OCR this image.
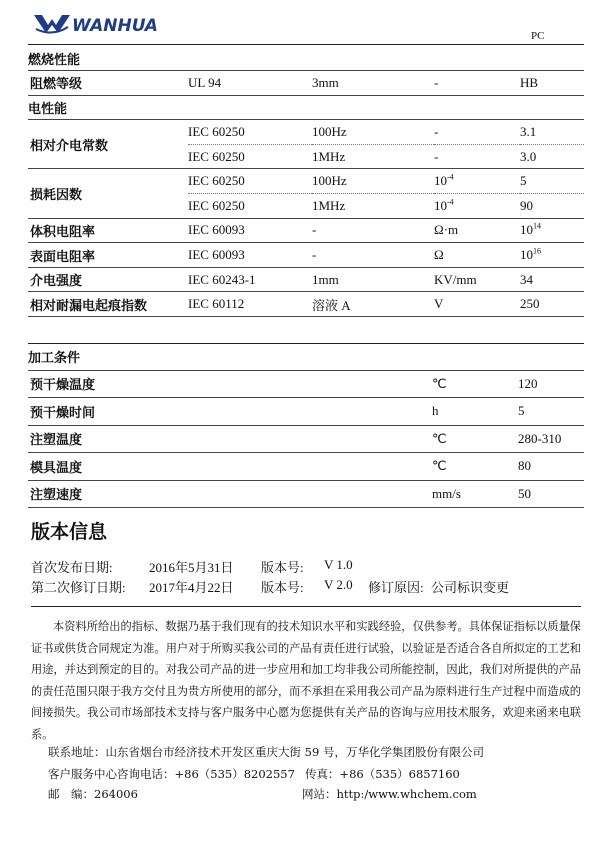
WANHUA	PC
燃烧性能				
阻燃等级	UL 94	3mm	-	HB
电性能				
相对介电常数	IEC 60250	100Hz	-	3.1
	IEC 60250	1MHz	-	3.0
损耗因数	IEC 60250	100Hz	$10^{-4}$	5
	IEC 60250	1MHz	$10^{-4}$	90
体积电阻率	IEC 60093	-	Ω·m	$10^{14}$
表面电阻率	IEC 60093	-	Ω	$10^{16}$
介电强度	IEC 60243-1	1mm	KV/mm	34
相对耐漏电起痕指数	IEC 60112	溶液 A	V	250
加工条件		
预干燥温度	℃	120
预干燥时间	h	5
注塑温度	℃	280-310
模具温度	℃	80
注塑速度	mm/s	50
版本信息
首次发布日期:	2016年5月31日 版本号: V 1.0
第二次修订日期: 2017年4月22日 版本号: V 2.0 修订原因: 公司标识变更
本资料所给出的指标、数据乃基于我们现有的技术知识水平和实践经验，仅供参考。具体保证指标以质量保证书或供货合同规定为准。用户对于所购买我公司的产品有责任进行试验，以验证是否适合各自所拟定的工艺和用途，并达到预定的目的。对我公司产品的进一步应用和加工均非我公司所能控制，因此，我们对所提供的产品的责任范围只限于我方交付且为贵方所使用的部分，而不承担在采用我公司产品为原料进行生产过程中而造成的间接损失。我公司市场部技术支持与客户服务中心愿为您提供有关产品的咨询与应用技术服务，欢迎来函来电联系。
联系地址：山东省烟台市经济技术开发区重庆大街 59 号，万华化学集团股份有限公司
客户服务中心咨询电话：+86（535）8202557 传真：+86（535）6857160
邮　编：264006	网站：http:/www.whchem.com
